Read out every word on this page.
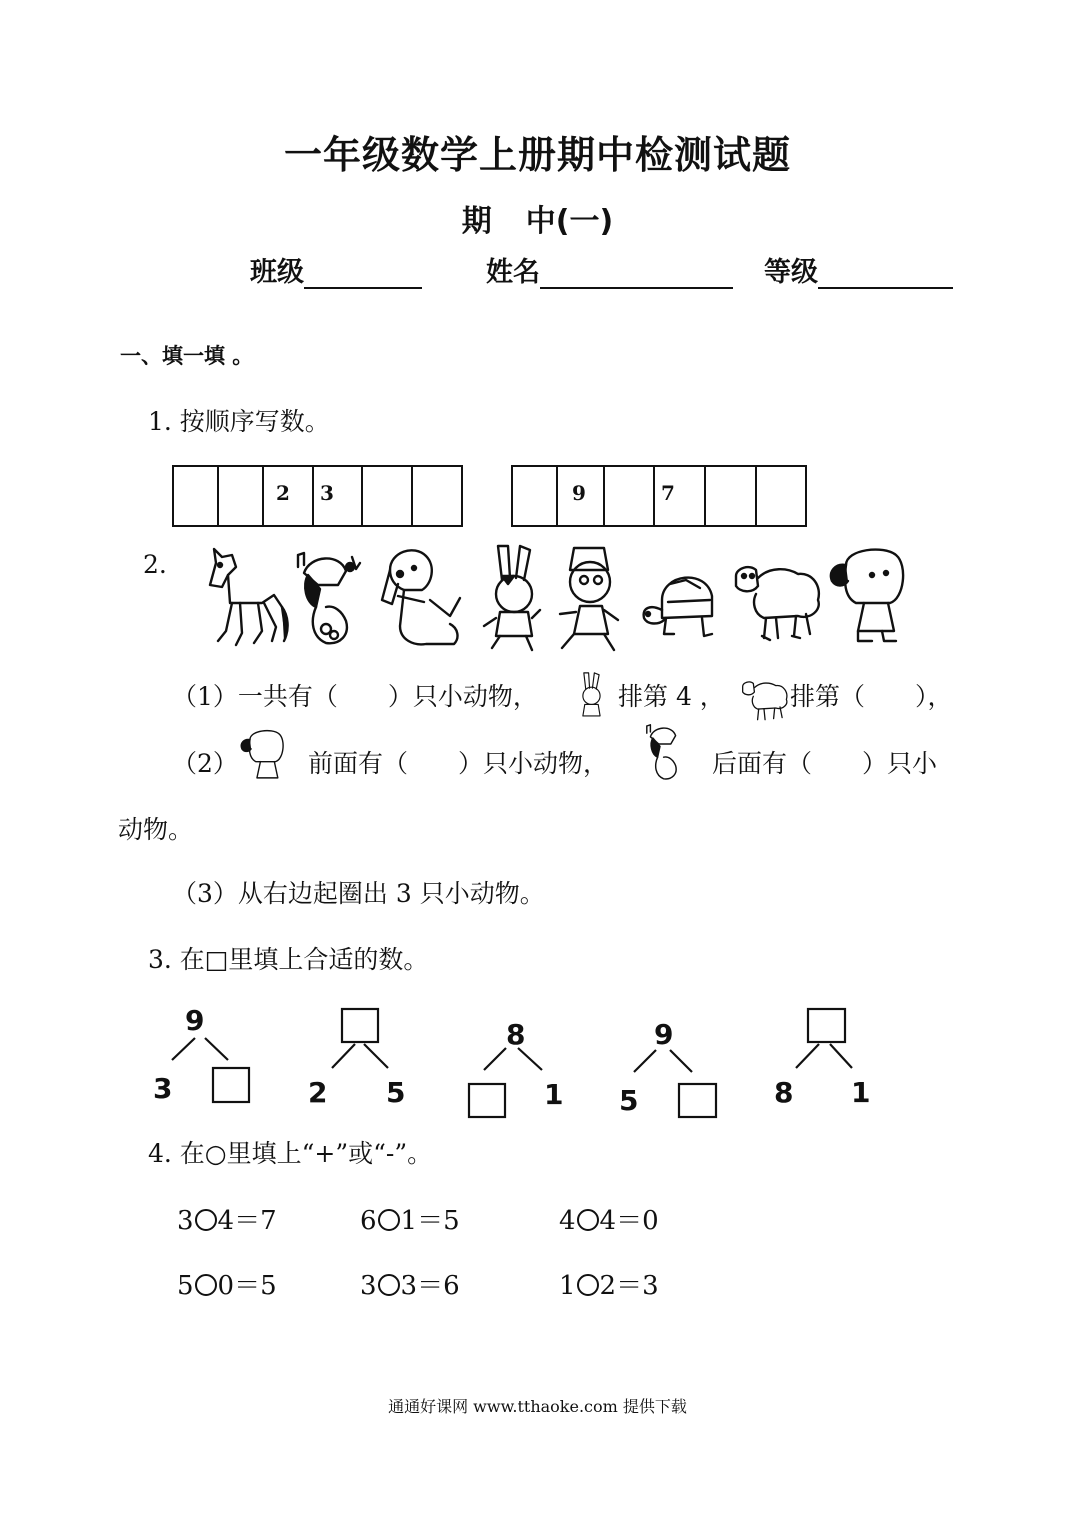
一年级数学上册期中检测试题
期 中(一)
班级	姓名	等级
一、填一填 。
1. 按顺序写数。
2 3	9	7
2.
（1）一共有（　　）只小动物，	排第 4 ，	排第（　　），
（2）	前面有（　　）只小动物，	后面有（　　）只小
动物。
（3）从右边起圈出 3 只小动物。
3. 在□里填上合适的数。
9
3	2 5
8
1
9
5	8 1
4. 在○里填上“+”或“-”。
3 4＝7	6 1＝5	4 4＝0
5 0＝5	3 3＝6	1 2＝3
通通好课网 www.tthaoke.com 提供下载
